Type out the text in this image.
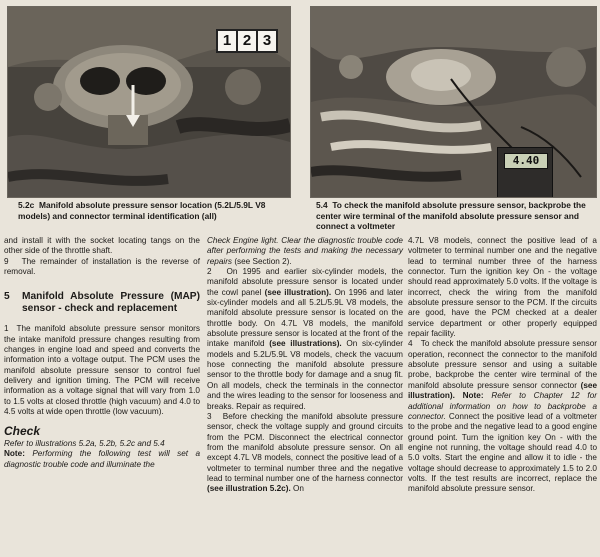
1 2 3
4.40
5.2c Manifold absolute pressure sensor location (5.2L/5.9L V8 models) and connector terminal identification (all)
5.4 To check the manifold absolute pressure sensor, backprobe the center wire terminal of the manifold absolute pressure sensor and connect a voltmeter

and install it with the socket locating tangs on the other side of the throttle shaft.

9 The remainder of installation is the reverse of removal.

5	Manifold Absolute Pressure (MAP) sensor - check and replacement

1 The manifold absolute pressure sensor monitors the intake manifold pressure changes resulting from changes in engine load and speed and converts the information into a voltage output. The PCM uses the manifold absolute pressure sensor to control fuel delivery and ignition timing. The PCM will receive information as a voltage signal that will vary from 1.0 to 1.5 volts at closed throttle (high vacuum) and 4.0 to 4.5 volts at wide open throttle (low vacuum).

Check

Refer to illustrations 5.2a, 5.2b, 5.2c and 5.4

Note: Performing the following test will set a diagnostic trouble code and illuminate the

Check Engine light. Clear the diagnostic trouble code after performing the tests and making the necessary repairs (see Section 2).

2 On 1995 and earlier six-cylinder models, the manifold absolute pressure sensor is located under the cowl panel (see illustration). On 1996 and later six-cylinder models and all 5.2L/5.9L V8 models, the manifold absolute pressure sensor is located on the throttle body. On 4.7L V8 models, the manifold absolute pressure sensor is located at the front of the intake manifold (see illustrations). On six-cylinder models and 5.2L/5.9L V8 models, check the vacuum hose connecting the manifold absolute pressure sensor to the throttle body for damage and a snug fit. On all models, check the terminals in the connector and the wires leading to the sensor for looseness and breaks. Repair as required.

3 Before checking the manifold absolute pressure sensor, check the voltage supply and ground circuits from the PCM. Disconnect the electrical connector from the manifold absolute pressure sensor. On all except 4.7L V8 models, connect the positive lead of a voltmeter to terminal number three and the negative lead to terminal number one of the harness connector (see illustration 5.2c). On

4.7L V8 models, connect the positive lead of a voltmeter to terminal number one and the negative lead to terminal number three of the harness connector. Turn the ignition key On - the voltage should read approximately 5.0 volts. If the voltage is incorrect, check the wiring from the manifold absolute pressure sensor to the PCM. If the circuits are good, have the PCM checked at a dealer service department or other properly equipped repair facility.

4 To check the manifold absolute pressure sensor operation, reconnect the connector to the manifold absolute pressure sensor and using a suitable probe, backprobe the center wire terminal of the manifold absolute pressure sensor connector (see illustration). Note: Refer to Chapter 12 for additional information on how to backprobe a connector. Connect the positive lead of a voltmeter to the probe and the negative lead to a good engine ground point. Turn the ignition key On - with the engine not running, the voltage should read 4.0 to 5.0 volts. Start the engine and allow it to idle - the voltage should decrease to approximately 1.5 to 2.0 volts. If the test results are incorrect, replace the manifold absolute pressure sensor.
